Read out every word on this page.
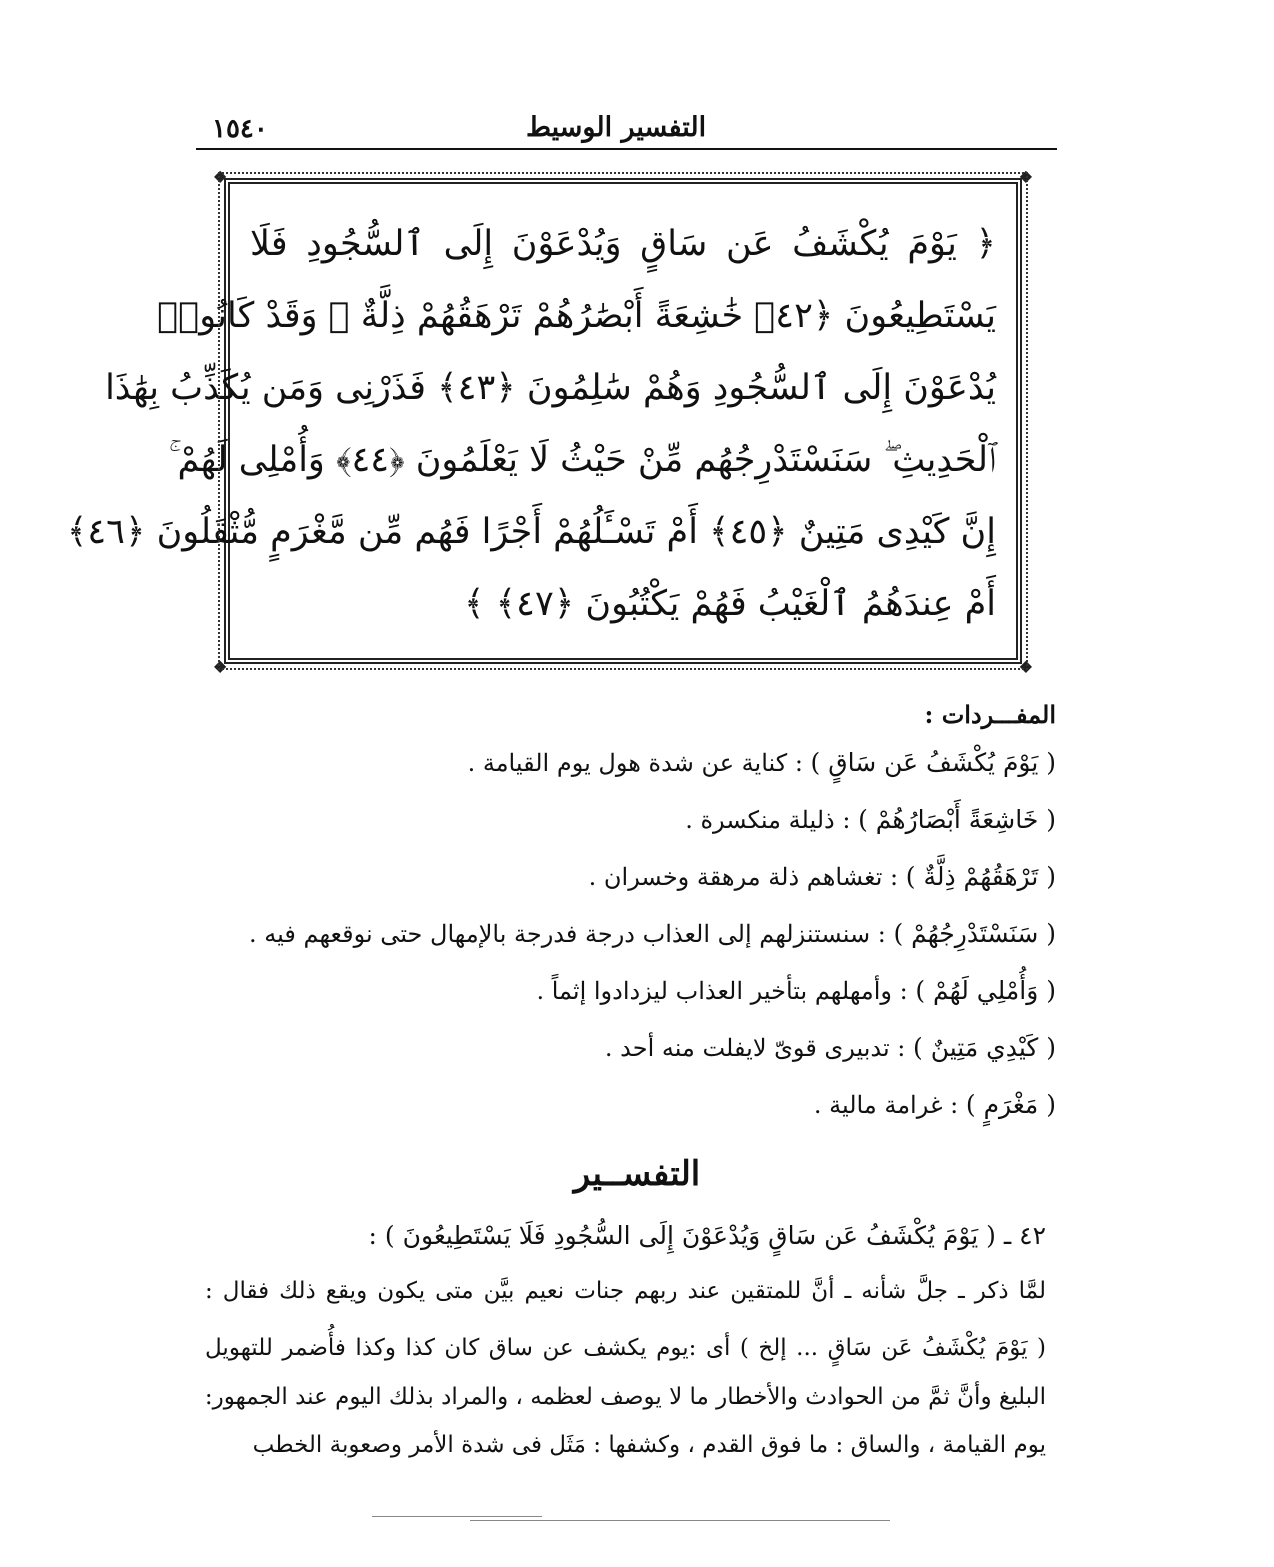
١٥٤٠	التفسير الوسيط
◆	◆
◆	◆
﴿ يَوْمَ يُكْشَفُ عَن سَاقٍ وَيُدْعَوْنَ إِلَى ٱلسُّجُودِ فَلَا
يَسْتَطِيعُونَ ﴿٤٢﴾ خَٰشِعَةً أَبْصَٰرُهُمْ تَرْهَقُهُمْ ذِلَّةٌ ۖ وَقَدْ كَانُوا۟
يُدْعَوْنَ إِلَى ٱلسُّجُودِ وَهُمْ سَٰلِمُونَ ﴿٤٣﴾ فَذَرْنِى وَمَن يُكَذِّبُ بِهَٰذَا
ٱلْحَدِيثِ ۖ سَنَسْتَدْرِجُهُم مِّنْ حَيْثُ لَا يَعْلَمُونَ ﴿٤٤﴾ وَأُمْلِى لَهُمْ ۚ
إِنَّ كَيْدِى مَتِينٌ ﴿٤٥﴾ أَمْ تَسْـَٔلُهُمْ أَجْرًا فَهُم مِّن مَّغْرَمٍ مُّثْقَلُونَ ﴿٤٦﴾
أَمْ عِندَهُمُ ٱلْغَيْبُ فَهُمْ يَكْتُبُونَ ﴿٤٧﴾ ﴾
المفـــردات :
( يَوْمَ يُكْشَفُ عَن سَاقٍ ) : كناية عن شدة هول يوم القيامة .
( خَاشِعَةً أَبْصَارُهُمْ ) : ذليلة منكسرة .
( تَرْهَقُهُمْ ذِلَّةٌ ) : تغشاهم ذلة مرهقة وخسران .
( سَنَسْتَدْرِجُهُمْ ) : سنستنزلهم إلى العذاب درجة فدرجة بالإمهال حتى نوقعهم فيه .
( وَأُمْلِي لَهُمْ ) : وأمهلهم بتأخير العذاب ليزدادوا إثماً .
( كَيْدِي مَتِينٌ ) : تدبيرى قوىّ لايفلت منه أحد .
( مَغْرَمٍ ) : غرامة مالية .
التفســير
٤٢ ـ ( يَوْمَ يُكْشَفُ عَن سَاقٍ وَيُدْعَوْنَ إِلَى السُّجُودِ فَلَا يَسْتَطِيعُونَ ) :
لمَّا ذكر ـ جلَّ شأنه ـ أنَّ للمتقين عند ربهم جنات نعيم بيَّن متى يكون ويقع ذلك فقال :
( يَوْمَ يُكْشَفُ عَن سَاقٍ ... إلخ ) أى :يوم يكشف عن ساق كان كذا وكذا فأُضمر للتهويل
البليغ وأنَّ ثمَّ من الحوادث والأخطار ما لا يوصف لعظمه ، والمراد بذلك اليوم عند الجمهور:
يوم القيامة ، والساق : ما فوق القدم ، وكشفها : مَثَل فى شدة الأمر وصعوبة الخطب
